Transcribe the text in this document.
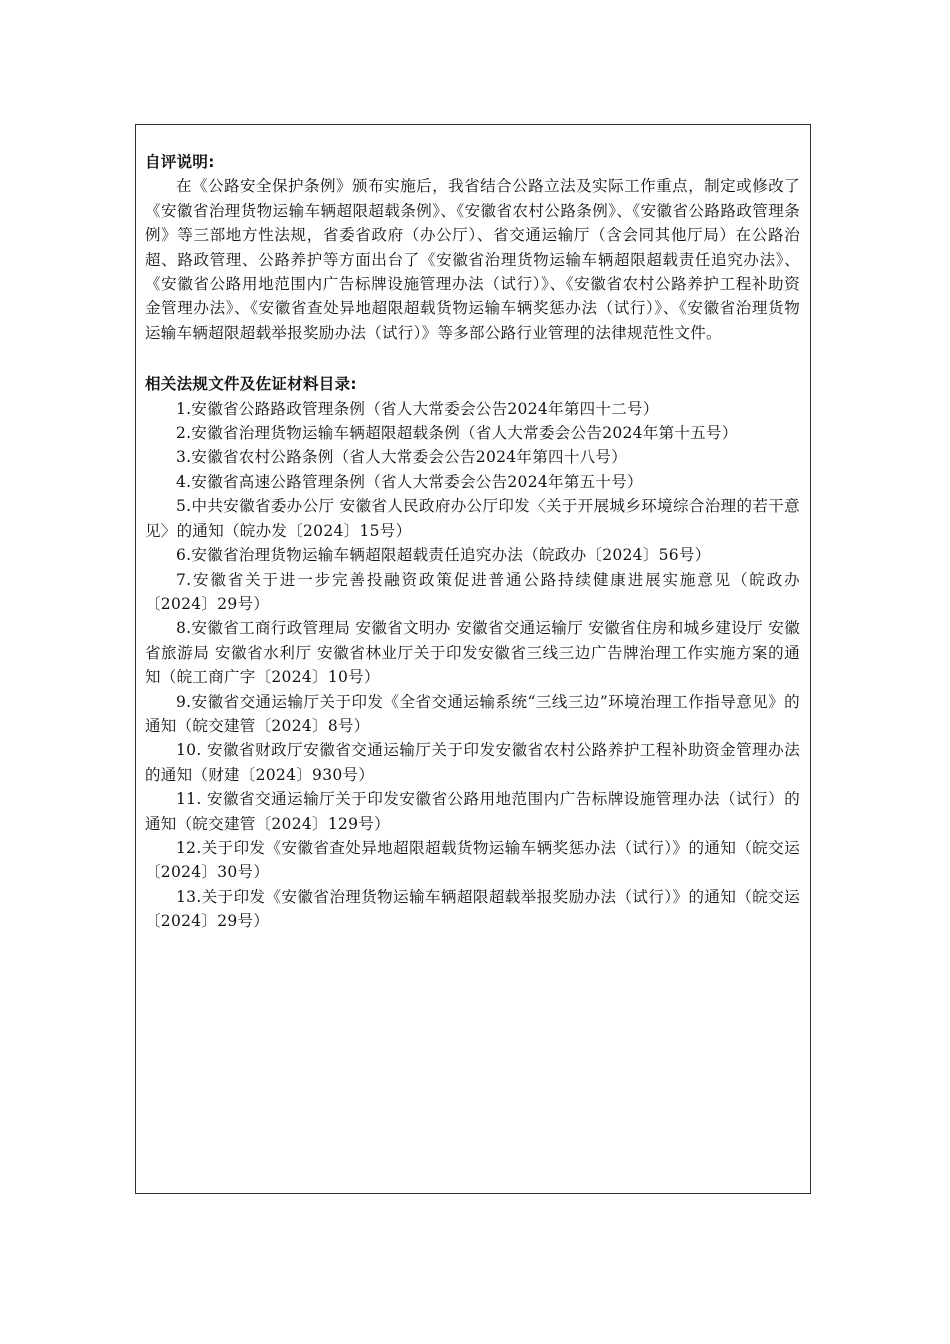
自评说明:

在《公路安全保护条例》颁布实施后，我省结合公路立法及实际工作重点，制定或修改了《安徽省治理货物运输车辆超限超载条例》、《安徽省农村公路条例》、《安徽省公路路政管理条例》等三部地方性法规，省委省政府（办公厅）、省交通运输厅（含会同其他厅局）在公路治超、路政管理、公路养护等方面出台了《安徽省治理货物运输车辆超限超载责任追究办法》、《安徽省公路用地范围内广告标牌设施管理办法（试行）》、《安徽省农村公路养护工程补助资金管理办法》、《安徽省查处异地超限超载货物运输车辆奖惩办法（试行）》、《安徽省治理货物运输车辆超限超载举报奖励办法（试行）》等多部公路行业管理的法律规范性文件。

相关法规文件及佐证材料目录:

1.安徽省公路路政管理条例（省人大常委会公告2024年第四十二号）
2.安徽省治理货物运输车辆超限超载条例（省人大常委会公告2024年第十五号）
3.安徽省农村公路条例（省人大常委会公告2024年第四十八号）
4.安徽省高速公路管理条例（省人大常委会公告2024年第五十号）
5.中共安徽省委办公厅 安徽省人民政府办公厅印发〈关于开展城乡环境综合治理的若干意见〉的通知（皖办发〔2024〕15号）
6.安徽省治理货物运输车辆超限超载责任追究办法（皖政办〔2024〕56号）
7.安徽省关于进一步完善投融资政策促进普通公路持续健康进展实施意见（皖政办〔2024〕29号）
8.安徽省工商行政管理局 安徽省文明办 安徽省交通运输厅 安徽省住房和城乡建设厅 安徽省旅游局 安徽省水利厅 安徽省林业厅关于印发安徽省三线三边广告牌治理工作实施方案的通知（皖工商广字〔2024〕10号）
9.安徽省交通运输厅关于印发《全省交通运输系统“三线三边”环境治理工作指导意见》的通知（皖交建管〔2024〕8号）
10. 安徽省财政厅安徽省交通运输厅关于印发安徽省农村公路养护工程补助资金管理办法的通知（财建〔2024〕930号）
11. 安徽省交通运输厅关于印发安徽省公路用地范围内广告标牌设施管理办法（试行）的通知（皖交建管〔2024〕129号）
12.关于印发《安徽省查处异地超限超载货物运输车辆奖惩办法（试行）》的通知（皖交运〔2024〕30号）
13.关于印发《安徽省治理货物运输车辆超限超载举报奖励办法（试行）》的通知（皖交运〔2024〕29号）
